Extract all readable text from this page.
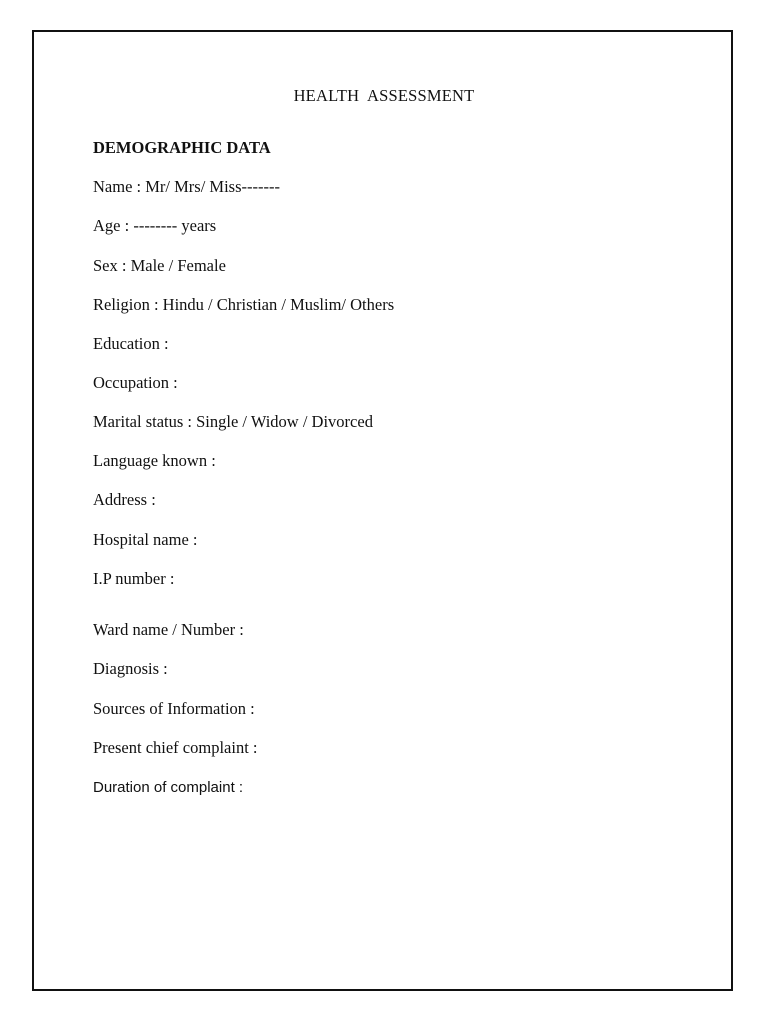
HEALTH  ASSESSMENT
DEMOGRAPHIC DATA
Name : Mr/ Mrs/ Miss-------
Age : -------- years
Sex : Male / Female
Religion : Hindu / Christian / Muslim/ Others
Education :
Occupation :
Marital status : Single / Widow / Divorced
Language known :
Address :
Hospital name :
I.P number :
Ward name / Number :
Diagnosis :
Sources of Information :
Present chief complaint :
Duration of complaint :
